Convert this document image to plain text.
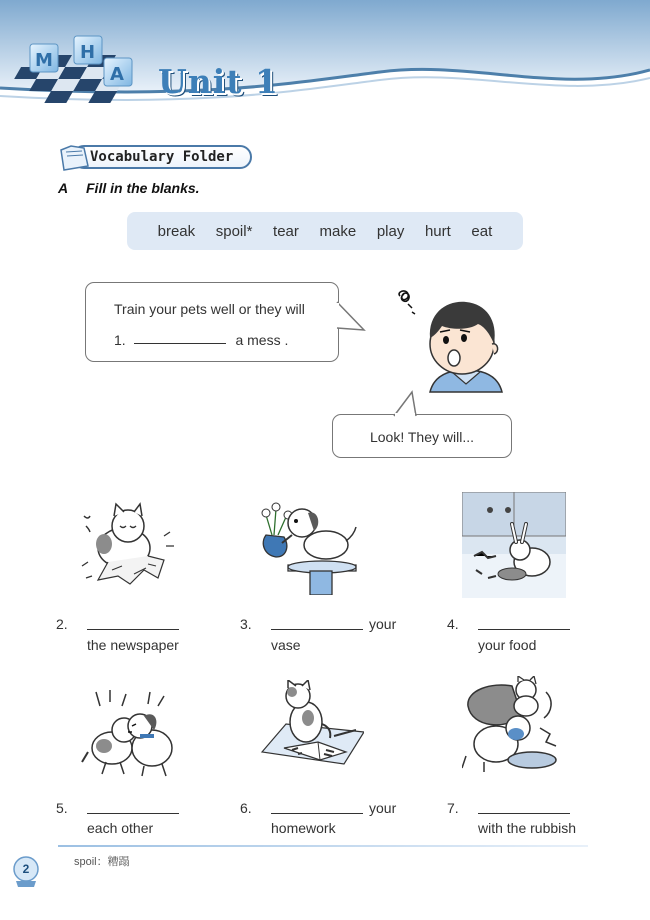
M H
A Unit 1
Vocabulary Folder
A Fill in the blanks.
break spoil* tear make play hurt eat
Train your pets well or they will
1.	a mess .
Look! They will...
2.
the newspaper
3.	your
vase
4.
your food
5.
each other
6.	your
homework
7.
with the rubbish
spoil：糟蹋
2
